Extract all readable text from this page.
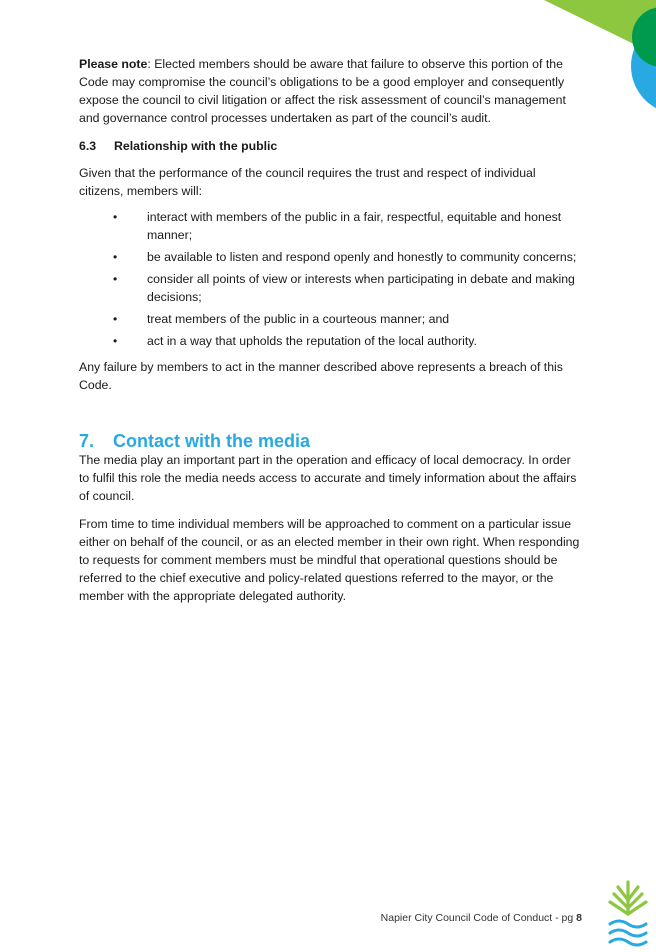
Please note: Elected members should be aware that failure to observe this portion of the Code may compromise the council’s obligations to be a good employer and consequently expose the council to civil litigation or affect the risk assessment of council’s management and governance control processes undertaken as part of the council’s audit.

6.3	Relationship with the public

Given that the performance of the council requires the trust and respect of individual citizens, members will:

• interact with members of the public in a fair, respectful, equitable and honest manner;
• be available to listen and respond openly and honestly to community concerns;
• consider all points of view or interests when participating in debate and making decisions;
• treat members of the public in a courteous manner; and
• act in a way that upholds the reputation of the local authority.

Any failure by members to act in the manner described above represents a breach of this Code.

7.	Contact with the media

The media play an important part in the operation and efficacy of local democracy. In order to fulfil this role the media needs access to accurate and timely information about the affairs of council.

From time to time individual members will be approached to comment on a particular issue either on behalf of the council, or as an elected member in their own right. When responding to requests for comment members must be mindful that operational questions should be referred to the chief executive and policy-related questions referred to the mayor, or the member with the appropriate delegated authority.

Napier City Council Code of Conduct - pg 8
